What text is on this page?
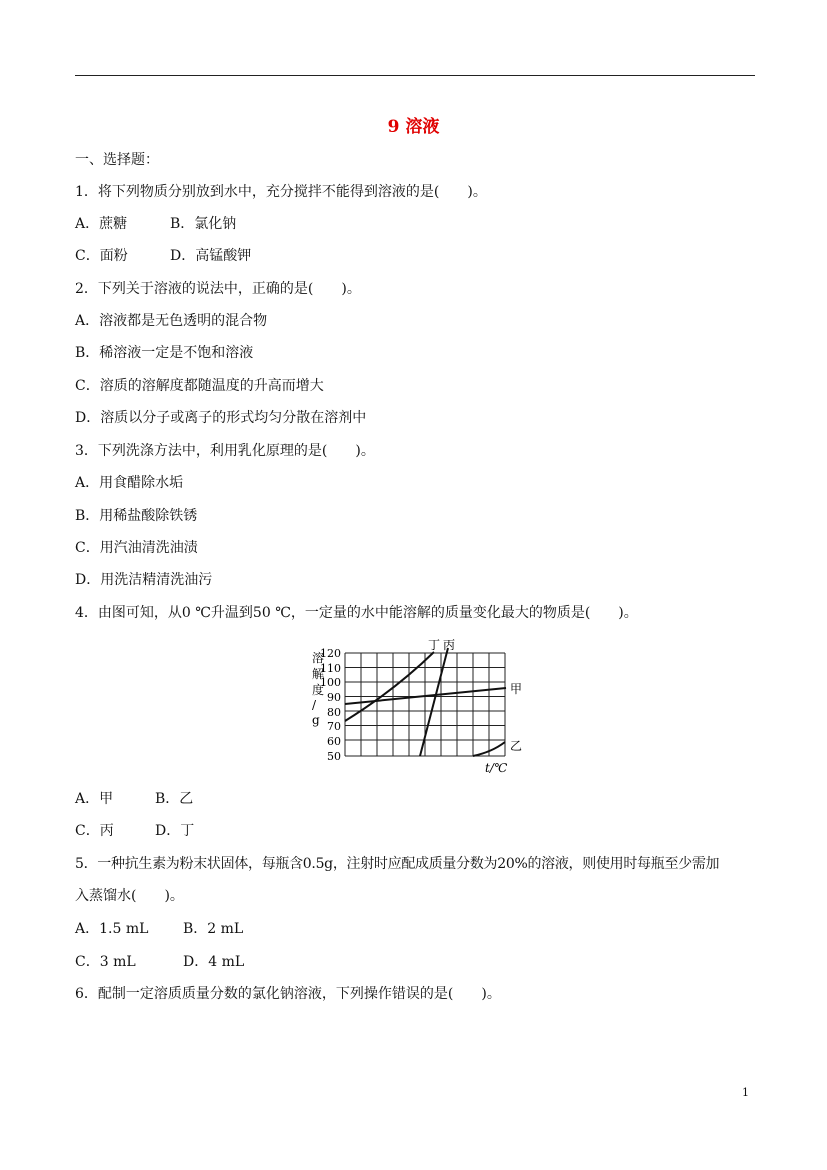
9 溶液
一、选择题：
1．将下列物质分别放到水中，充分搅拌不能得到溶液的是(　　)。
A．蔗糖	B．氯化钠
C．面粉	D．高锰酸钾
2．下列关于溶液的说法中，正确的是(　　)。
A．溶液都是无色透明的混合物
B．稀溶液一定是不饱和溶液
C．溶质的溶解度都随温度的升高而增大
D．溶质以分子或离子的形式均匀分散在溶剂中
3．下列洗涤方法中，利用乳化原理的是(　　)。
A．用食醋除水垢
B．用稀盐酸除铁锈
C．用汽油清洗油渍
D．用洗洁精清洗油污
4．由图可知，从0 ℃升温到50 ℃，一定量的水中能溶解的质量变化最大的物质是(　　)。
溶
解
度
/
g
120
110
100
90
80
70
60
50
丁 丙
甲
乙
t/℃
A．甲	B．乙
C．丙	D．丁
5．一种抗生素为粉末状固体，每瓶含0.5g，注射时应配成质量分数为20%的溶液，则使用时每瓶至少需加
入蒸馏水(　　)。
A．1.5 mL B．2 mL
C．3 mL	D．4 mL
6．配制一定溶质质量分数的氯化钠溶液，下列操作错误的是(　　)。
1
